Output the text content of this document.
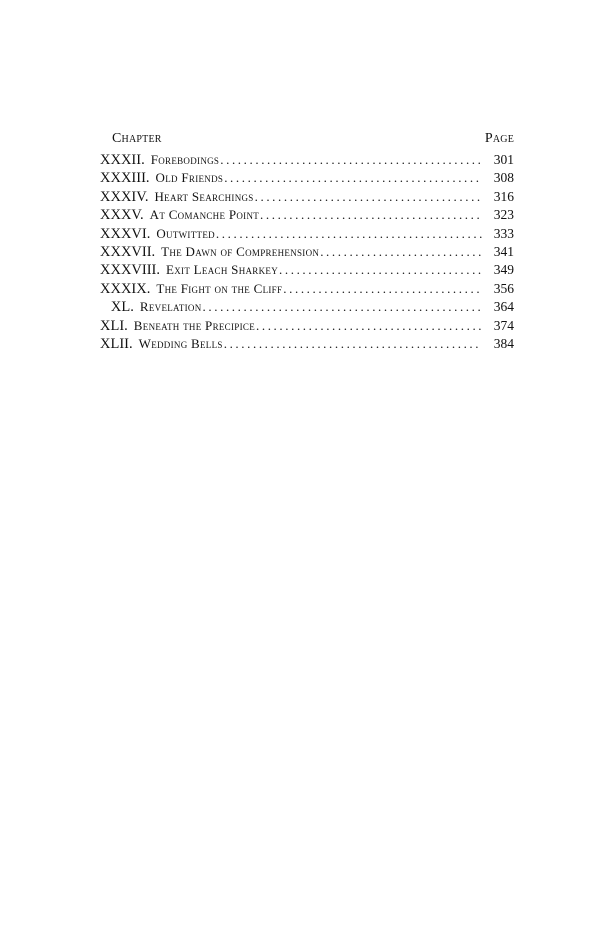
Chapter	Page
XXXII. Forebodings .....	301
XXXIII. Old Friends .....	308
XXXIV. Heart Searchings .....	316
XXXV. At Comanche Point .....	323
XXXVI. Outwitted .....	333
XXXVII. The Dawn of Comprehension .....	341
XXXVIII. Exit Leach Sharkey .....	349
XXXIX. The Fight on the Cliff .....	356
XL. Revelation .....	364
XLI. Beneath the Precipice .....	374
XLII. Wedding Bells .....	384
